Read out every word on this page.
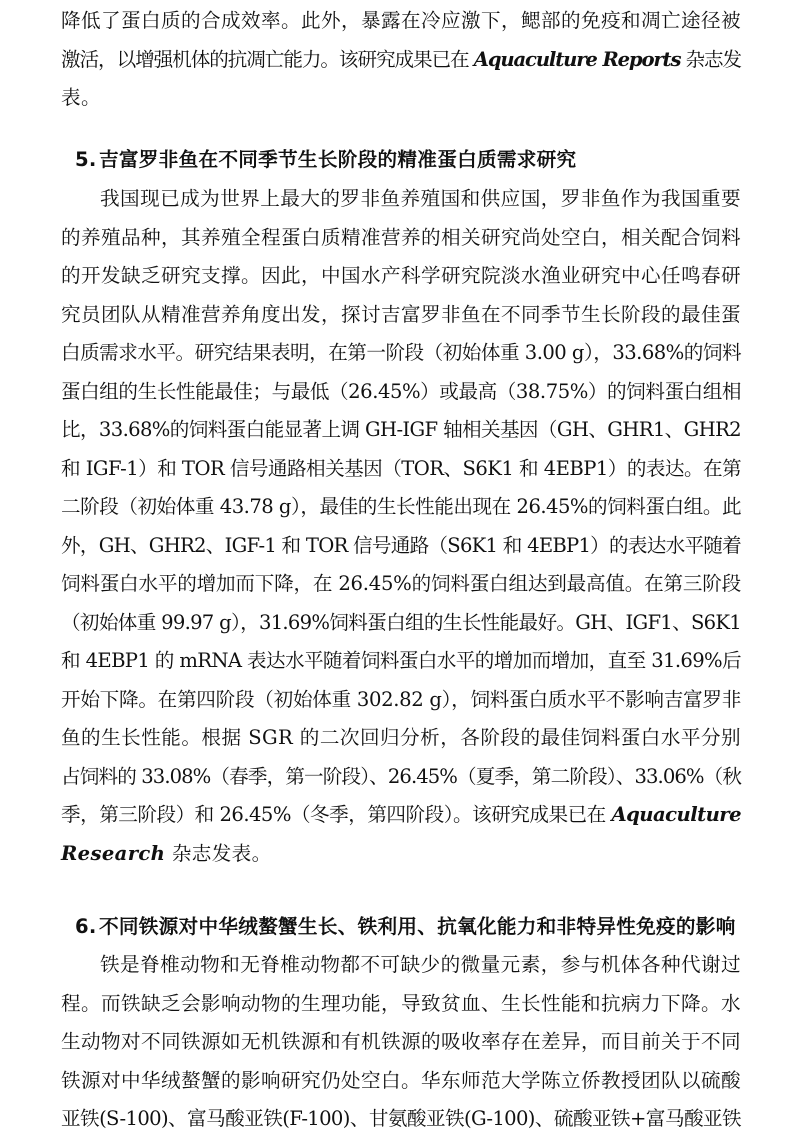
降低了蛋白质的合成效率。此外，暴露在冷应激下，鳃部的免疫和凋亡途径被
激活，以增强机体的抗凋亡能力。该研究成果已在 Aquaculture Reports 杂志发
表。
5. 吉富罗非鱼在不同季节生长阶段的精准蛋白质需求研究
我国现已成为世界上最大的罗非鱼养殖国和供应国，罗非鱼作为我国重要
的养殖品种，其养殖全程蛋白质精准营养的相关研究尚处空白，相关配合饲料
的开发缺乏研究支撑。因此，中国水产科学研究院淡水渔业研究中心任鸣春研
究员团队从精准营养角度出发，探讨吉富罗非鱼在不同季节生长阶段的最佳蛋
白质需求水平。研究结果表明，在第一阶段（初始体重 3.00 g），33.68%的饲料
蛋白组的生长性能最佳；与最低（26.45%）或最高（38.75%）的饲料蛋白组相
比，33.68%的饲料蛋白能显著上调 GH-IGF 轴相关基因（GH、GHR1、GHR2
和 IGF-1）和 TOR 信号通路相关基因（TOR、S6K1 和 4EBP1）的表达。在第
二阶段（初始体重 43.78 g），最佳的生长性能出现在 26.45%的饲料蛋白组。此
外，GH、GHR2、IGF-1 和 TOR 信号通路（S6K1 和 4EBP1）的表达水平随着
饲料蛋白水平的增加而下降，在 26.45%的饲料蛋白组达到最高值。在第三阶段
（初始体重 99.97 g），31.69%饲料蛋白组的生长性能最好。GH、IGF1、S6K1
和 4EBP1 的 mRNA 表达水平随着饲料蛋白水平的增加而增加，直至 31.69%后
开始下降。在第四阶段（初始体重 302.82 g），饲料蛋白质水平不影响吉富罗非
鱼的生长性能。根据 SGR 的二次回归分析，各阶段的最佳饲料蛋白水平分别
占饲料的 33.08%（春季，第一阶段）、26.45%（夏季，第二阶段）、33.06%（秋
季，第三阶段）和 26.45%（冬季，第四阶段）。该研究成果已在 Aquaculture
Research 杂志发表。
6. 不同铁源对中华绒螯蟹生长、铁利用、抗氧化能力和非特异性免疫的影响
铁是脊椎动物和无脊椎动物都不可缺少的微量元素，参与机体各种代谢过
程。而铁缺乏会影响动物的生理功能，导致贫血、生长性能和抗病力下降。水
生动物对不同铁源如无机铁源和有机铁源的吸收率存在差异，而目前关于不同
铁源对中华绒螯蟹的影响研究仍处空白。华东师范大学陈立侨教授团队以硫酸
亚铁(S-100)、富马酸亚铁(F-100)、甘氨酸亚铁(G-100)、硫酸亚铁+富马酸亚铁
